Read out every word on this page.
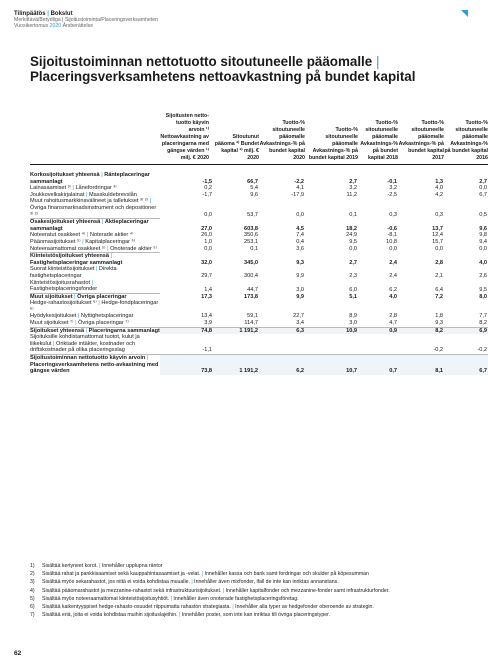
Tilinpäätös | Bokslut
Merkittävä/Betydliga | Sijoitustoiminta/Placeringsverksamheten
Vuosikertomus 2020 Årsberättelse
Sijoitustoiminnan nettotuotto sitoutuneelle pääomalle |
Placeringsverksamhetens nettoavkastning på bundet kapital
	Sijoitusten netto-tuotto käyvin arvoin ¹⁾ Nettoavkastning av placeringarna med gängse värden ¹⁾ milj. € 2020	Sitoutunut pääoma ²⁾ Bundet kapital ²⁾ milj. € 2020	Tuotto-% sitoutuneelle pääomalle Avkastnings-% på bundet kapital 2020	Tuotto-% sitoutuneelle pääomalle Avkastnings-% på bundet kapital 2019	Tuotto-% sitoutuneelle pääomalle Avkastnings-% på bundet kapital 2018	Tuotto-% sitoutuneelle pääomalle Avkastnings-% på bundet kapital 2017	Tuotto-% sitoutuneelle pääomalle Avkastnings-% på bundet kapital 2016
Korkosijoitukset yhteensä | Ränteplaceringar sammanlagt	-1,5	66,7	-2,2	2,7	-0,1	1,3	2,7
Lainasaamiset ³⁾ | Lånefordringar ³⁾	0,2	5,4	4,1	3,2	3,2	4,0	0,0
Joukkovelkakirjalainat | Masskuldebrevslån	-1,7	9,6	-17,9	11,2	-2,5	4,2	6,7
Muut rahoitusmarkkinavälineet ja talletukset ³⁾ ²⁾ | Övriga finansmarknadsinstrument och depositioner ³⁾ ²⁾	0,0	53,7	0,0	0,1	0,3	0,3	0,5
Osakesijoitukset yhteensä | Aktieplaceringar sammanlagt	27,0	603,8	4,5	18,2	-0,6	13,7	9,6
Noteeratut osakkeet ⁴⁾ | Noterade aktier ⁴⁾	26,0	350,6	7,4	24,9	-8,1	12,4	9,8
Pääomasijoitukset ⁵⁾ | Kapitalplaceringar ⁵⁾	1,0	253,1	0,4	9,5	10,8	15,7	9,4
Noteeraamattomat osakkeet ⁵⁾ | Onoterade aktier ⁵⁾	0,0	0,1	3,6	0,0	0,0	0,0	0,0
Kiinteistösijoitukset yhteensä | Fastighetsplaceringar sammanlagt	32,0	345,0	9,3	2,7	2,4	2,8	4,0
Suorat kiinteistösijoitukset | Direkta fastighetsplaceringar	29,7	300,4	9,9	2,3	2,4	2,1	2,6
Kiinteistösijoitusrahastot | Fastighetsplaceringsfonder	1,4	44,7	3,0	6,0	6,2	6,4	9,5
Muut sijoitukset | Övriga placeringar	17,3	173,8	9,9	5,1	4,0	7,2	8,0
Hedge-rahastosijoitukset ⁶⁾ | Hedge-fondplaceringar ⁶⁾							
Hyödykesijoitukset | Nyttighetsplaceringar	13,4	59,1	22,7	8,9	2,8	1,8	7,7
Muut sijoitukset ⁷⁾ | Övriga placeringar ⁷⁾	3,9	114,7	3,4	3,0	4,7	9,3	8,2
Sijoitukset yhteensä | Placeringarna sammanlagt	74,8	1 191,2	6,3	10,9	0,9	8,2	6,9
Sijoituksille kohdistamattomat tuotot, kulut ja liikekulut | Oriktade intäkter, kostnader och driftskostnader på olika placeringsslag	-1,1					-0,2	-0,2
Sijoitustoiminnan nettotuotto käyvin arvoin | Placeringsverksamhetens netto-avkastning med gängse värden	73,8	1 191,2	6,2	10,7	0,7	8,1	6,7
1)	Sisältää kertyneet korot. | Innehåller upplupna räntor
2)	Sisältää rahat ja pankkisaamiset sekä kauppahintasaamiset ja -velat. | Innehåller kassa och bank samt fordringar och skulder på köpesumman
3)	Sisältää myös sekarahastot, jos niitä ei voida kohdistaa muualle. | Innehåller även mixfonder, ifall de inte kan inriktas annanstans.
4)	Sisältää pääomarahastot ja mezzanine-rahastot sekä infrastruktuurisijoitukset. | Innehåller kapitalfonder och mezzanine-fonder samt infrastrukturfonder.
5)	Sisältää myös noteeraamattomat kiinteistösijoitusyhtiöt. | Innehåller även onoterade fastighetsplaceringsföretag.
6)	Sisältää kaikentyyppiset hedge-rahasto-osuudet riippumatta rahaston strategiasta. | Innehåller alla typer av hedgefonder oberoende av strategin.
7)	Sisältää eriä, joita ei voida kohdistaa muihin sijoituslajeihin. | Innehåller poster, som inte kan inriktas till övriga placeringstyper.
62
